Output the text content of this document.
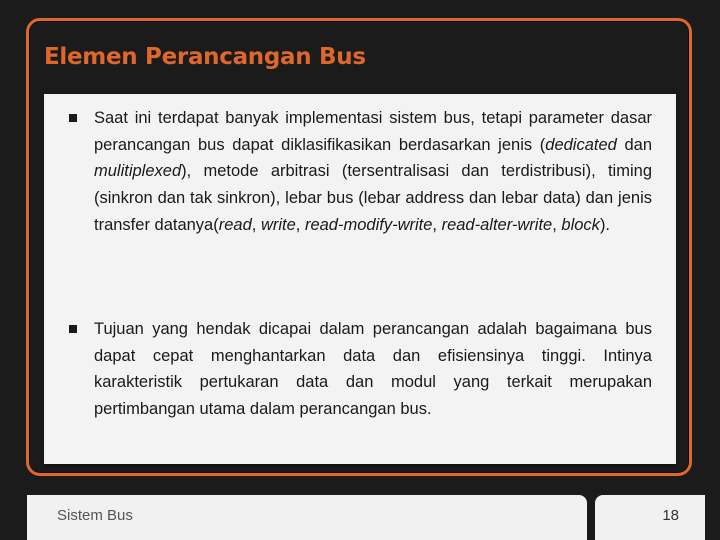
Elemen Perancangan Bus
Saat ini terdapat banyak implementasi sistem bus, tetapi parameter dasar perancangan bus dapat diklasifikasikan berdasarkan jenis (dedicated dan mulitiplexed), metode arbitrasi (tersentralisasi dan terdistribusi), timing (sinkron dan tak sinkron), lebar bus (lebar address dan lebar data) dan jenis transfer datanya(read, write, read-modify-write, read-alter-write, block).
Tujuan yang hendak dicapai dalam perancangan adalah bagaimana bus dapat cepat menghantarkan data dan efisiensinya tinggi. Intinya karakteristik pertukaran data dan modul yang terkait merupakan pertimbangan utama dalam perancangan bus.
Sistem Bus	18
